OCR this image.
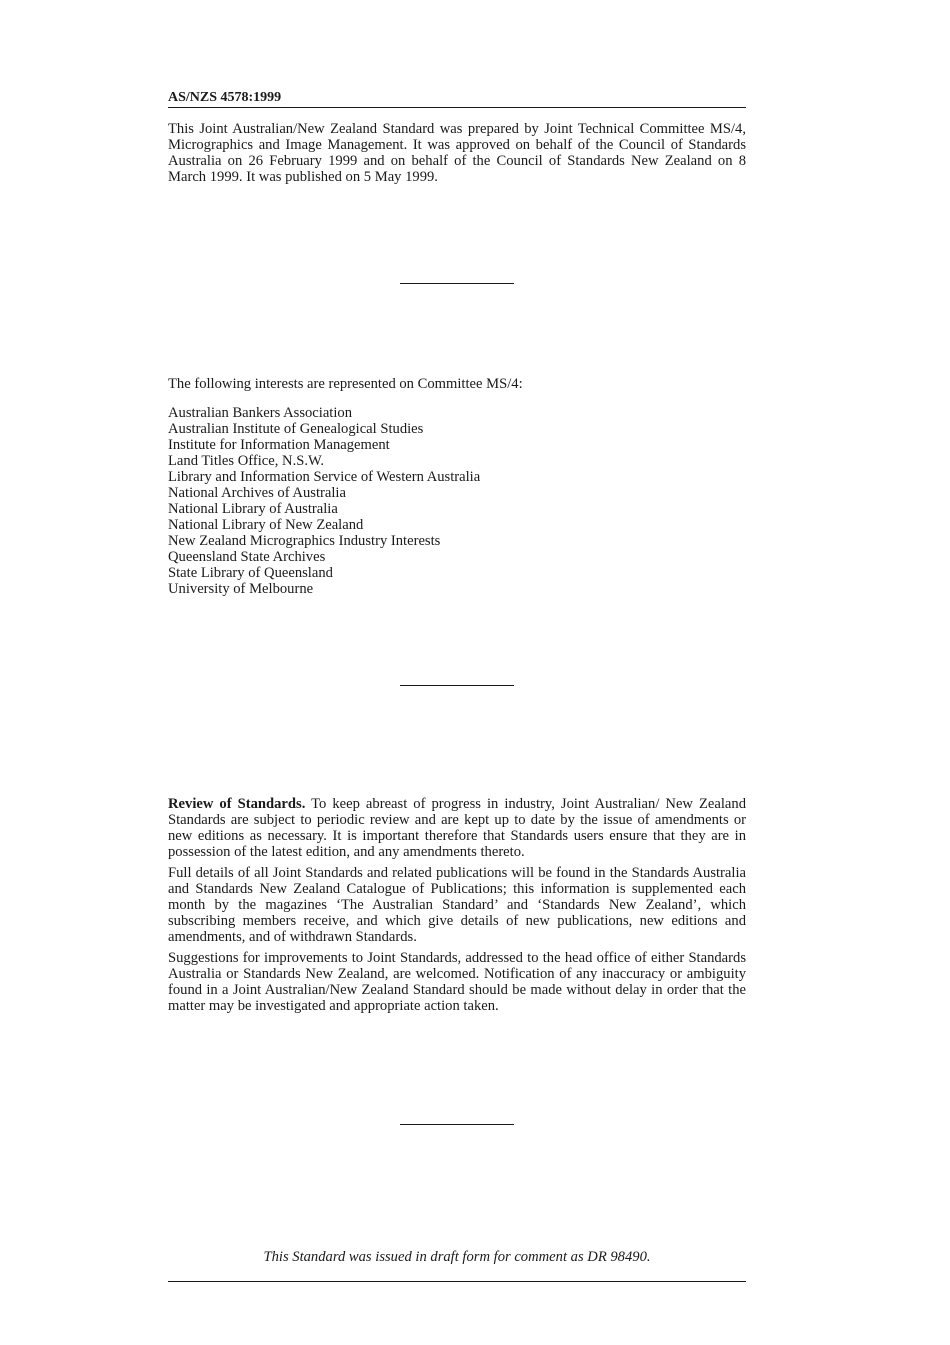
AS/NZS 4578:1999

This Joint Australian/New Zealand Standard was prepared by Joint Technical Committee MS/4, Micrographics and Image Management. It was approved on behalf of the Council of Standards Australia on 26 February 1999 and on behalf of the Council of Standards New Zealand on 8 March 1999. It was published on 5 May 1999.

The following interests are represented on Committee MS/4:

Australian Bankers Association
Australian Institute of Genealogical Studies
Institute for Information Management
Land Titles Office, N.S.W.
Library and Information Service of Western Australia
National Archives of Australia
National Library of Australia
National Library of New Zealand
New Zealand Micrographics Industry Interests
Queensland State Archives
State Library of Queensland
University of Melbourne

Review of Standards. To keep abreast of progress in industry, Joint Australian/ New Zealand Standards are subject to periodic review and are kept up to date by the issue of amendments or new editions as necessary. It is important therefore that Standards users ensure that they are in possession of the latest edition, and any amendments thereto.

Full details of all Joint Standards and related publications will be found in the Standards Australia and Standards New Zealand Catalogue of Publications; this information is supplemented each month by the magazines ‘The Australian Standard’ and ‘Standards New Zealand’, which subscribing members receive, and which give details of new publications, new editions and amendments, and of withdrawn Standards.

Suggestions for improvements to Joint Standards, addressed to the head office of either Standards Australia or Standards New Zealand, are welcomed. Notification of any inaccuracy or ambiguity found in a Joint Australian/New Zealand Standard should be made without delay in order that the matter may be investigated and appropriate action taken.

This Standard was issued in draft form for comment as DR 98490.
